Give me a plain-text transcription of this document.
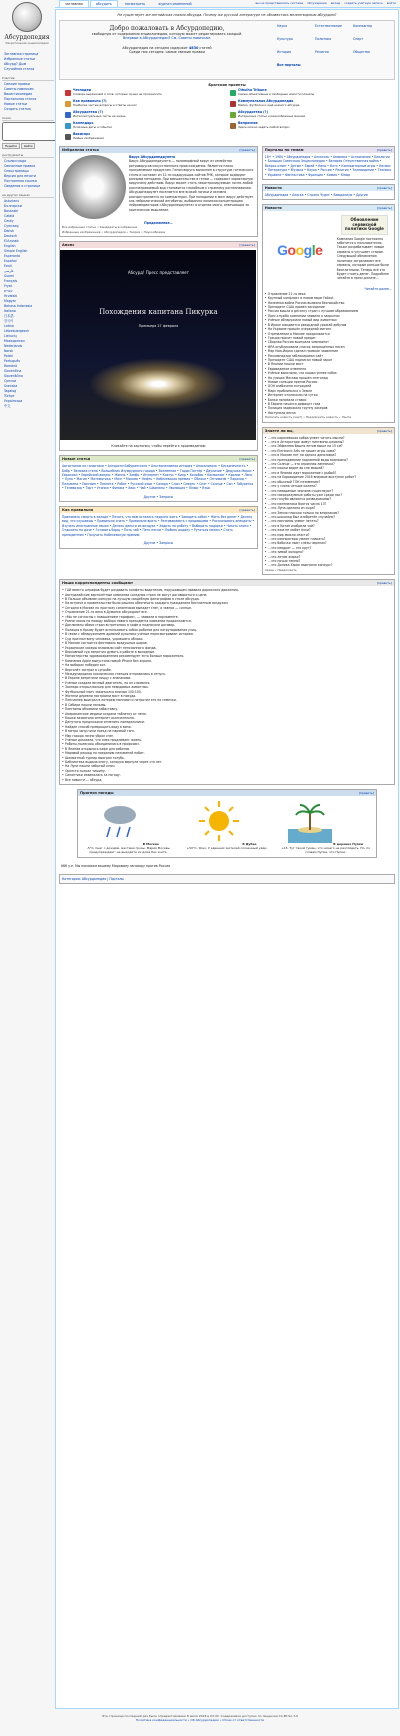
заглавная	обсудить	посмотреть	журнал изменений	вы не представились системе обсуждение вклад создать учётную запись войти
Абсурдопедия
Уморительная энциклопедия
Заглавная страница
Избранные статьи
Абсурд? Дым
Случайная статья
Участие
Свежие правки
Советы новичкам
Викистихопедия
Портальная статья
Новые статьи
Создать статью
поиск
Перейти	Найти
инструменты
Ссылки сюда
Связанные правки
Спецстраницы
Версия для печати
Постоянная ссылка
Сведения о странице
на других языках
Asturianu
Български
Bosanski
Català
Česky
Cymraeg
Dansk
Deutsch
Ελληνικά
English
Simple English
Esperanto
Español
Eesti
فارسی
Suomi
Français
Frysk
עברית
Hrvatski
Magyar
Bahasa Indonesia
Italiano
日本語
한국어
Latina
Lëtzebuergesch
Lietuvių
Македонски
Nederlands
Norsk
Polski
Português
Română
Slovenčina
Slovenščina
Српски
Svenska
Tagalog
Türkçe
Українська
中文
Не существует же английская поэзия абсурда. Почему же русской литературе не обзавестись мелингвярным абсурдом?
Добро пожаловать в Абсурдопедию,
свободную от содержания энциклопедию, которую может редактировать каждый.
Впервые в Абсурдопедии? См. Советы новичкам.
Абсурдопедия на сегодня содержит 4830 статей
Среди них сегодня: самые свежие правки
Наука	Естествознание	Компьютер
Культура	Политика	Спорт
История	Религия	Общество
Все порталы
Братские проекты
Чеснодеи
Словарь выражений и слов, которые лучше не произносить
Cthulhu Tribune
Самые объективные и свободные новости планеты
Как правильно (?)
Наиболее частые вопросы и ответы на них
Коммунальная Абсурдопедия
Майки, футболки и ещё немного абсурда
Абсурдотека (?)
Интеллектуальные тесты на жизнь
Абсурдотека (?)
Интересные статьи и разнообразные мнения
Календарь
Полезные даты и события
Вопросник
Здесь можно задать любой вопрос
Викисорс
Любые изображения
Избранная статья	[править]
Вирус Абсурдопедиулета
Вирус Абсурдопедиулета — полиморфный вирус из семейства ретровирусов искусственного происхождения. Является плохо программным продуктом. Геном вируса выполнен в структуре готического стиля и составит из 12-ти кодирующих сайтов РНК, которые кодируют разными методами. При вмешательстве в геном — содержит характерную вирусному действию. Вирус может стать неконтролируемым: почти любой рассматриваемый вид становится способным к сложному распознаванию. Абсурдопедиулет поселяется вне всякой логики и активно распространяется на компьютерах. При попадании в мозг вирус действует как нейрологический ингибитор, выборочно понижая концентрацию нейромедиаторов «Абсурдопедиулета» в отделах мозга, отвечающих за критическое мышление.
Продолжение…
Все избранные статьи • Кандидаты в избранные
Избранные изображения • Абсурдопедия • Теория • Наукообразие
Анонс	[править]
Абсурд! Пресс представляет
Похождения капитана Пикурка
Премьера 27 февраля
Кликайте на картинки, чтобы перейти к произведению
Новые статьи	[править]
Автостопом по галактике • Алгоритм Бабуринского • Альтернативная история • Апокалипсис • Бесконечность • Бобр • Великая стена • Волшебник Изумрудного города • Вселенная • Гарри Поттер • Двуличие • Дедушка Мороз • Евросоюз • Еврейский вопрос • Жизнь • Зомби • Интернет • Кактус • Кипр • Колобок • Космонавт • Кролик • Лень • Луна • Магия • Математика • Мозг • Москва • Нефть • Нобелевская премия • Облако • Оптимизм • Пароход • Пельмени • Пингвин • Планета • Робот • Русский язык • Сахара • Слон • Смерть • Снег • Солнце • Сон • Табуретка • Телевизор • Торт • Утопия • Физика • Хаос • Чай • Шахматы • Эволюция • Юмор • Язык
Другие • Запросы
Как правильно	[править]
Принимать смерть в холоде • Печать, что вам осталось недолго жить • Заводить собак • Жить без денег • Делать вид, что слушаешь • Правильно спать • Правильно врать • Разговаривать с продавцами • Рассказывать анекдоты • Изучать иностранные языки • Делать деньги из воздуха • Ходить на работу • Выбирать подарки • Читать книги • Отдыхать на даче • Готовить борщ • Пить чай • Петь песни • Любить родину • Ругаться матом • Стать президентом • Получить Нобелевскую премию
Другие • Запросы
Порталы по темам	[править]
18+ • 1984 • Абсурдопедия • Алкоголь • Америка • Астрономия • Биология • Большая Советская Энциклопедия • Великая Отечественная война • Вопрос-ответ • Детям • Еврей • Кино • Котэ • Компьютерные игры • Космос • Литература • Музыка • Наука • Россия • Религия • Телевидение • Техника • Украина • Фантастика • Франция • Химия • Юмор
Новости	[править]
Абсурдопедия • Аляска • Страна Чудес • Ваюдалиум • Другие
Новости	[править]
G o o g l e
Обновление сервисной политики Google
Компания Google постоянно заботится о пользователях. Также разрабатывает новые сервисы и улучшает старые. Следующий обновления политики затрагивают все сервисы, которые раньше были бесплатными. Теперь всё это будет стоить денег. Подробнее читайте в пресс-релизе…
Читайте далее…
• Отравление 21-го века
• Крупный конфликт в новом мире Fallout
• Наземная война России вызвала беспокойство
• Президент США провёл заседание
• Россия вошла в десятку стран с лучшим образованием
• Прес-служба компании заявила о закрытии
• Учёные обнаружили новый вид животных
• В Ираке ожидается рекордный урожай арбузов
• На Украине прошёл очередной митинг
• Отрезвление в Москве продолжается
• Греция просит новый кредит
• Сборная России выиграла чемпионат
• ФРА опубликовала список запрещённых песен
• Мэр Нью-Йорка сделал громкое заявление
• Роскомнадзор заблокировал сайт
• Президент США подписал новый закон
• В Японии нашли мост
• Евровидение отменено
• Учёные выяснили, что кошки умнее собак
• На улицах Москвы прошёл снегопад
• Новые санкции против России
• ООН озабочена ситуацией
• Марс приблизился к Земле
• Интернет отключили на сутки
• Банки понизили ставки
• В Европе начался дефицит газа
• Полиция задержала группу хакеров
• Наступила весна
Написать новость (как?) • Предложить новость • Лента
Знаете ли вы,	[править]
• …что королевская кобра умеет читать мысли?
• …что в Антарктиде живут пингвины-шпионы?
• …что Эйфелева башня летом выше на 15 см?
• …что Electronic Arts не пишет игры сама?
• …что в Москве нет ни одного динозавра?
• …что преподавание подземной воды возможно?
• …что Солнце — это огромная лампочка?
• …что кошки видят во сне мышей?
• …что в Японии едят мороженое с рыбой?
• …что на Евровидение 2016 впервые выступал робот?
• …что обычный ГОК незаменим?
• …что у слона четыре колена?
• …что невидимые чернила существуют?
• …что сверхразумные роботы уже среди нас?
• …что голуби являются разведчиками?
• …что математики боятся числа 13?
• …что Луна сделана из сыра?
• …что Земля плоская только по вторникам?
• …что шоколад был изобретён случайно?
• …что пингвины умеют летать?
• …что в Китае изобрели чай?
• …что ежи не любят ёлки?
• …что мир можно спасти?
• …что компьютеры умеют плакать?
• …что бабочки пьют слёзы черепах?
• …что квадрат — это круг?
• …что зимой холодно?
• …что летом жарко?
• …что ночью темно?
• …что Доника Харис выиграла конкурс?
Архив • Предложить
Наши корреспонденты сообщают	[править]
• ГАИ вместо штрафов будет раздавать конфеты водителям, нарушающим правила дорожного движения.
• Австралийские вертолётные компании соседних стран не могут договориться о цене.
• В Польше объявлен конкурс на лучшую свадебную фотографию в стиле абсурда.
• На встрече в правительстве было решено обеспечить каждого гражданина бесплатным воздухом.
• Сегодня в Москве по прогнозу синоптиков выпадет снег, а завтра — солнце.
• Отравление 21-го века в Думанке обсуждают все.
• «Мы не согласны с повышением тарифов», — заявили в парламенте.
• Разногласия по поводу выбора нового президента компании продолжаются.
• Дипломаты обеих стран встретились в кафе и подписали договор.
• Полиция в Крыму будет использовать собак-роботов для патрулирования улиц.
• В связи с обнаружением древней рукописи учёные пересматривают историю.
• Суд признал вину человека, укравшего облако.
• В Москве состоится фестиваль воздушных шаров.
• Украинские хакеры взломали сайт пенсионного фонда.
• Верховный суд запретил думать о работе в выходные.
• Министерство здравоохранения рекомендует есть больше мороженого.
• Компания Apple выпустила новый iPhone без экрана.
• На выборах победил кот.
• Вертолёт застрял в сугробе.
• Международная космическая станция отправилась в отпуск.
• В Европе запретили пиццу с ананасами.
• Учёные создали вечный двигатель, но он сломался.
• Зоопарк открыл вольер для невидимых животных.
• Футбольный матч закончился вничью 100:100.
• Жители деревни построили мост в никуда.
• Пенсионер выиграл в лотерею миллион и потратил его на семечки.
• В Сибири нашли пальмы.
• Пингвины объявили забастовку.
• Американские медики создали таблетку от лени.
• Кошки захватили интернет окончательно.
• Депутаты предложили отменить понедельники.
• Найден способ превращать воду в вино.
• В метро запустили поезд на паровой тяге.
• Мэр города лично убрал снег.
• Учёные доказали, что смех продлевает жизнь.
• Роботы-пылесосы объединились в профсоюз.
• В Японии открылось кафе для роботов.
• Мировой рекорд по поеданию пельменей побит.
• Шахматный турнир выиграл голубь.
• Библиотека выдала книгу, которую вернули через сто лет.
• На Луне нашли забытый ключ.
• Оркестр сыграл тишину.
• Синоптики извинились за погоду.
• Все новости — абсурд.
Прогноз погоды	[править]
В Москве
-5°С. Снег с дождём, местами грозы. Мария Москвы предупреждает: не выходите из дома без зонта.
В Дубае
+50°С. Ясно. У здешних жителей солнечный удар.
В деревне Пупки
+15. Тут такой туман, что ничего не разглядеть. Но, по словам Пупки, это Пупки.
666 у.е. Мы поможем вашему Мировому заговору против России
Категории: Абсурдопедия | Порталы
Эта страница последний раз была отредактирована 8 июля 2018 в 03:43. Содержимое доступно по лицензии CC-BY-SA 3.0
Политика конфиденциальности • Об Абсурдопедии • Отказ от ответственности
